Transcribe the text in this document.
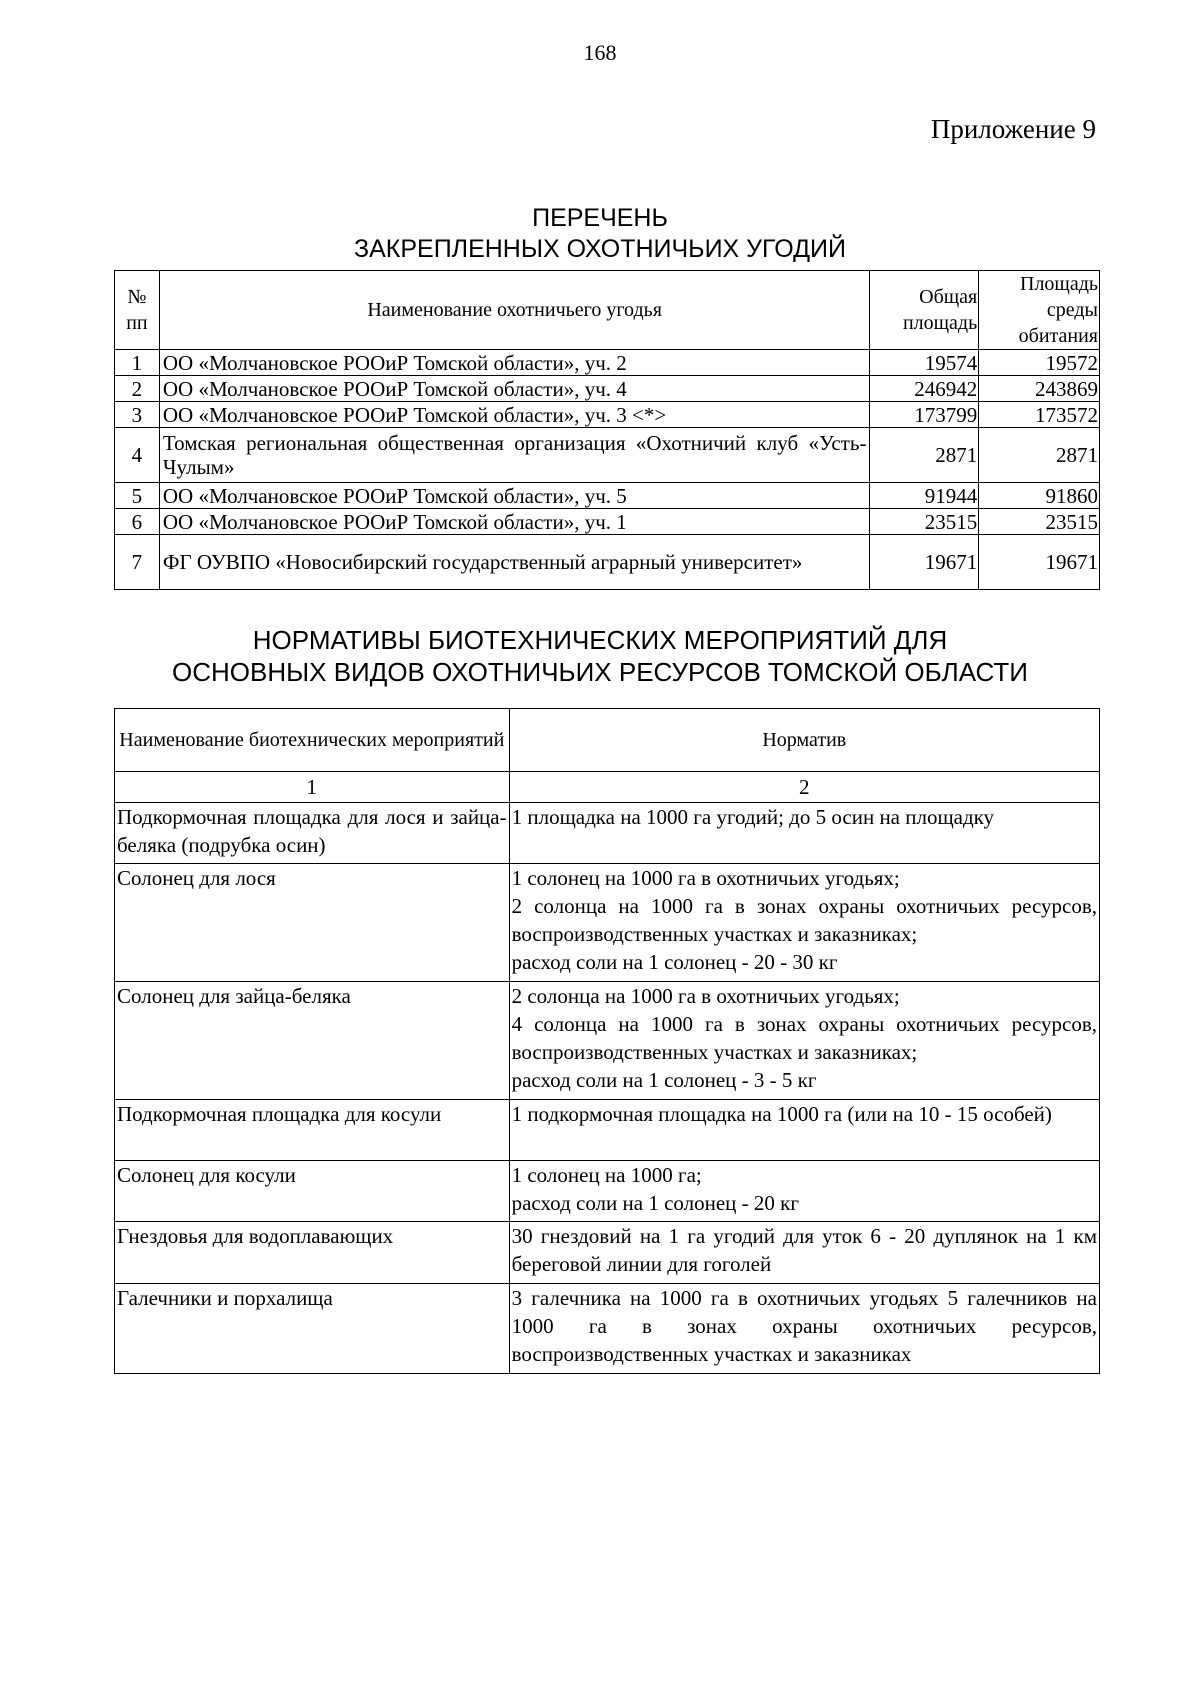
168
Приложение 9
ПЕРЕЧЕНЬ
ЗАКРЕПЛЕННЫХ ОХОТНИЧЬИХ УГОДИЙ
№ пп	Наименование охотничьего угодья	Общая площадь	Площадь среды обитания
1	ОО «Молчановское РООиР Томской области», уч. 2	19574	19572
2	ОО «Молчановское РООиР Томской области», уч. 4	246942	243869
3	ОО «Молчановское РООиР Томской области», уч. 3 <*>	173799	173572
4	Томская региональная общественная организация «Охотничий клуб «Усть-Чулым»	2871	2871
5	ОО «Молчановское РООиР Томской области», уч. 5	91944	91860
6	ОО «Молчановское РООиР Томской области», уч. 1	23515	23515
7	ФГ ОУВПО «Новосибирский государственный аграрный университет»	19671	19671
НОРМАТИВЫ БИОТЕХНИЧЕСКИХ МЕРОПРИЯТИЙ ДЛЯ
ОСНОВНЫХ ВИДОВ ОХОТНИЧЬИХ РЕСУРСОВ ТОМСКОЙ ОБЛАСТИ
Наименование биотехнических мероприятий	Норматив
1	2
Подкормочная площадка для лося и зайца-беляка (подрубка осин)	1 площадка на 1000 га угодий; до 5 осин на площадку

Солонец для лося	1 солонец на 1000 га в охотничьих угодьях;
2 солонца на 1000 га в зонах охраны охотничьих ресурсов, воспроизводственных участках и заказниках;
расход соли на 1 солонец - 20 - 30 кг

Солонец для зайца-беляка	2 солонца на 1000 га в охотничьих угодьях;
4 солонца на 1000 га в зонах охраны охотничьих ресурсов, воспроизводственных участках и заказниках;
расход соли на 1 солонец - 3 - 5 кг

Подкормочная площадка для косули	1 подкормочная площадка на 1000 га (или на 10 - 15 особей)

Солонец для косули	1 солонец на 1000 га;
расход соли на 1 солонец - 20 кг

Гнездовья для водоплавающих	30 гнездовий на 1 га угодий для уток 6 - 20 дуплянок на 1 км береговой линии для гоголей

Галечники и порхалища	3 галечника на 1000 га в охотничьих угодьях 5 галечников на 1000 га в зонах охраны охотничьих ресурсов, воспроизводственных участках и заказниках
